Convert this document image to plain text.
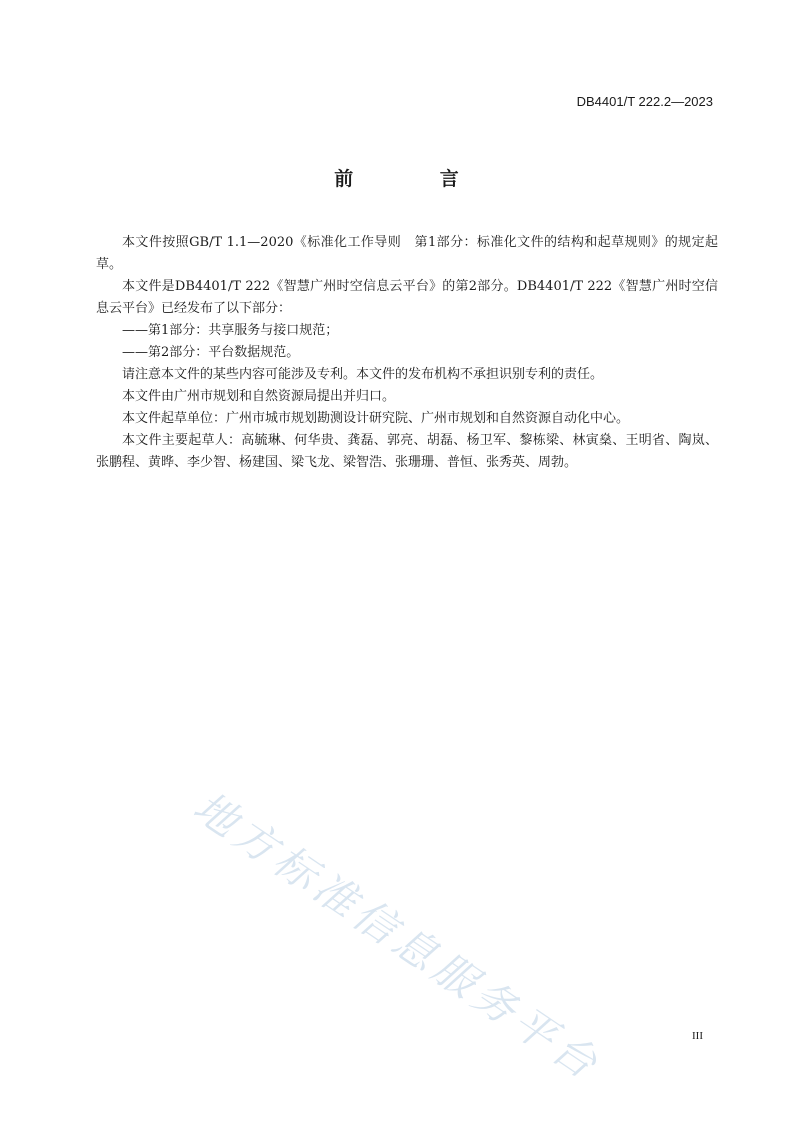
DB4401/T 222.2—2023
前 言

本文件按照GB/T 1.1—2020《标准化工作导则　第1部分：标准化文件的结构和起草规则》的规定起草。

本文件是DB4401/T 222《智慧广州时空信息云平台》的第2部分。DB4401/T 222《智慧广州时空信息云平台》已经发布了以下部分：

——第1部分：共享服务与接口规范；

——第2部分：平台数据规范。

请注意本文件的某些内容可能涉及专利。本文件的发布机构不承担识别专利的责任。

本文件由广州市规划和自然资源局提出并归口。

本文件起草单位：广州市城市规划勘测设计研究院、广州市规划和自然资源自动化中心。

本文件主要起草人：高毓琳、何华贵、龚磊、郭亮、胡磊、杨卫军、黎栋梁、林寅燊、王明省、陶岚、张鹏程、黄晔、李少智、杨建国、梁飞龙、梁智浩、张珊珊、普恒、张秀英、周勃。

地方标准信息服务平台	III
